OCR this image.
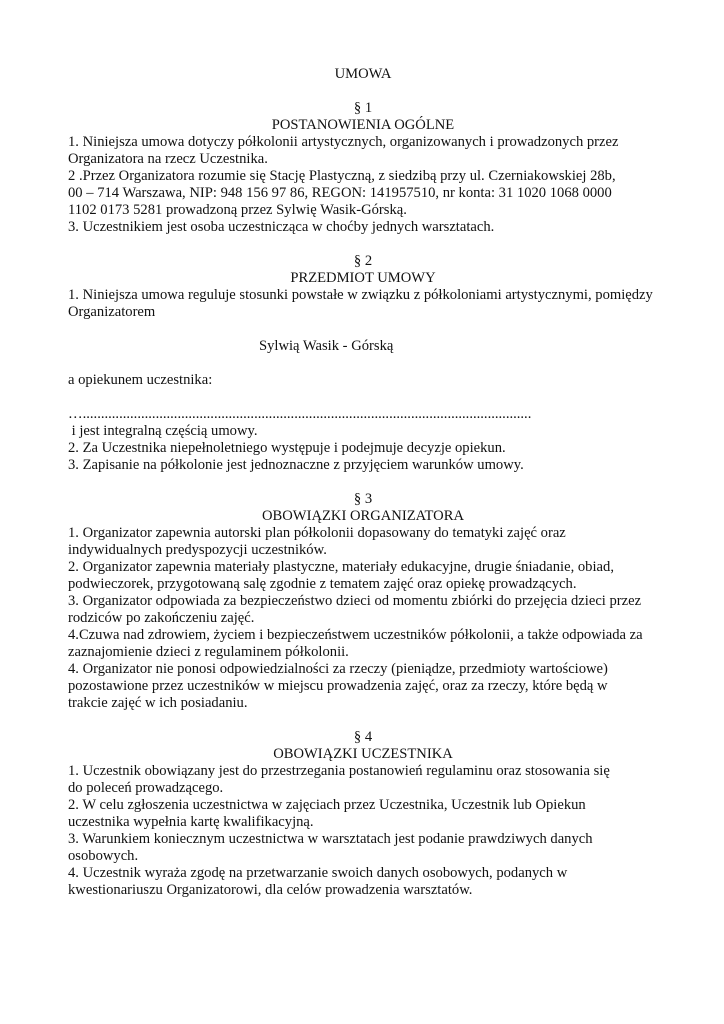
UMOWA
§ 1
POSTANOWIENIA OGÓLNE
1. Niniejsza umowa dotyczy półkolonii artystycznych, organizowanych i prowadzonych przez
Organizatora na rzecz Uczestnika.
2 .Przez Organizatora rozumie się Stację Plastyczną, z siedzibą przy ul. Czerniakowskiej 28b,
00 – 714 Warszawa, NIP: 948 156 97 86, REGON: 141957510, nr konta: 31 1020 1068 0000
1102 0173 5281 prowadzoną przez Sylwię Wasik-Górską.
3. Uczestnikiem jest osoba uczestnicząca w choćby jednych warsztatach.
§ 2
PRZEDMIOT UMOWY
1. Niniejsza umowa reguluje stosunki powstałe w związku z półkoloniami artystycznymi, pomiędzy
Organizatorem
Sylwią Wasik - Górską
a opiekunem uczestnika:
…...........................................................................................................................
i jest integralną częścią umowy.
2. Za Uczestnika niepełnoletniego występuje i podejmuje decyzje opiekun.
3. Zapisanie na półkolonie jest jednoznaczne z przyjęciem warunków umowy.
§ 3
OBOWIĄZKI ORGANIZATORA
1. Organizator zapewnia autorski plan półkolonii dopasowany do tematyki zajęć oraz
indywidualnych predyspozycji uczestników.
2. Organizator zapewnia materiały plastyczne, materiały edukacyjne, drugie śniadanie, obiad,
podwieczorek, przygotowaną salę zgodnie z tematem zajęć oraz opiekę prowadzących.
3. Organizator odpowiada za bezpieczeństwo dzieci od momentu zbiórki do przejęcia dzieci przez
rodziców po zakończeniu zajęć.
4.Czuwa nad zdrowiem, życiem i bezpieczeństwem uczestników półkolonii, a także odpowiada za
zaznajomienie dzieci z regulaminem półkolonii.
4. Organizator nie ponosi odpowiedzialności za rzeczy (pieniądze, przedmioty wartościowe)
pozostawione przez uczestników w miejscu prowadzenia zajęć, oraz za rzeczy, które będą w
trakcie zajęć w ich posiadaniu.
§ 4
OBOWIĄZKI UCZESTNIKA
1. Uczestnik obowiązany jest do przestrzegania postanowień regulaminu oraz stosowania się
do poleceń prowadzącego.
2. W celu zgłoszenia uczestnictwa w zajęciach przez Uczestnika, Uczestnik lub Opiekun
uczestnika wypełnia kartę kwalifikacyjną.
3. Warunkiem koniecznym uczestnictwa w warsztatach jest podanie prawdziwych danych
osobowych.
4. Uczestnik wyraża zgodę na przetwarzanie swoich danych osobowych, podanych w
kwestionariuszu Organizatorowi, dla celów prowadzenia warsztatów.
